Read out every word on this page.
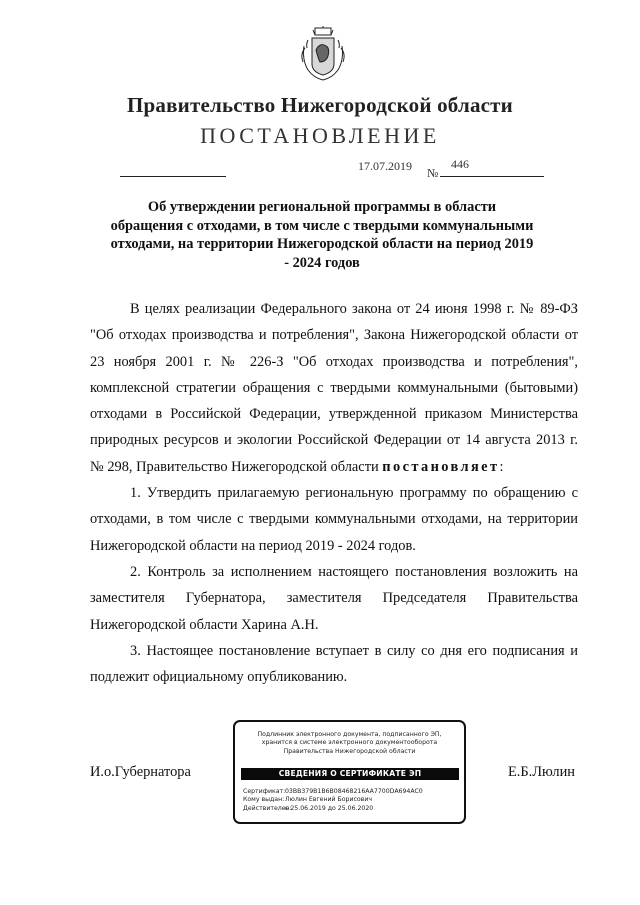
Правительство Нижегородской области
ПОСТАНОВЛЕНИЕ
17.07.2019 №
446
Об утверждении региональной программы в области обращения с отходами, в том числе с твердыми коммунальными отходами, на территории Нижегородской области на период 2019 - 2024 годов

В целях реализации Федерального закона от 24 июня 1998 г. № 89-ФЗ "Об отходах производства и потребления", Закона Нижегородской области от 23 ноября 2001 г. № 226-З "Об отходах производства и потребления", комплексной стратегии обращения с твердыми коммунальными (бытовыми) отходами в Российской Федерации, утвержденной приказом Министерства природных ресурсов и экологии Российской Федерации от 14 августа 2013 г. № 298, Правительство Нижегородской области постановляет:

1. Утвердить прилагаемую региональную программу по обращению с отходами, в том числе с твердыми коммунальными отходами, на территории Нижегородской области на период 2019 - 2024 годов.

2. Контроль за исполнением настоящего постановления возложить на заместителя Губернатора, заместителя Председателя Правительства Нижегородской области Харина А.Н.

3. Настоящее постановление вступает в силу со дня его подписания и подлежит официальному опубликованию.

И.о.Губернатора
Подлинник электронного документа, подписанного ЭП,
хранится в системе электронного документооборота
Правительства Нижегородской области
СВЕДЕНИЯ О СЕРТИФИКАТЕ ЭП
Сертификат:03BB379B1B6B08468216AA7700DA694AC0
Кому выдан:Люлин Евгений Борисович
Действителен:с 25.06.2019 до 25.06.2020
Е.Б.Люлин
